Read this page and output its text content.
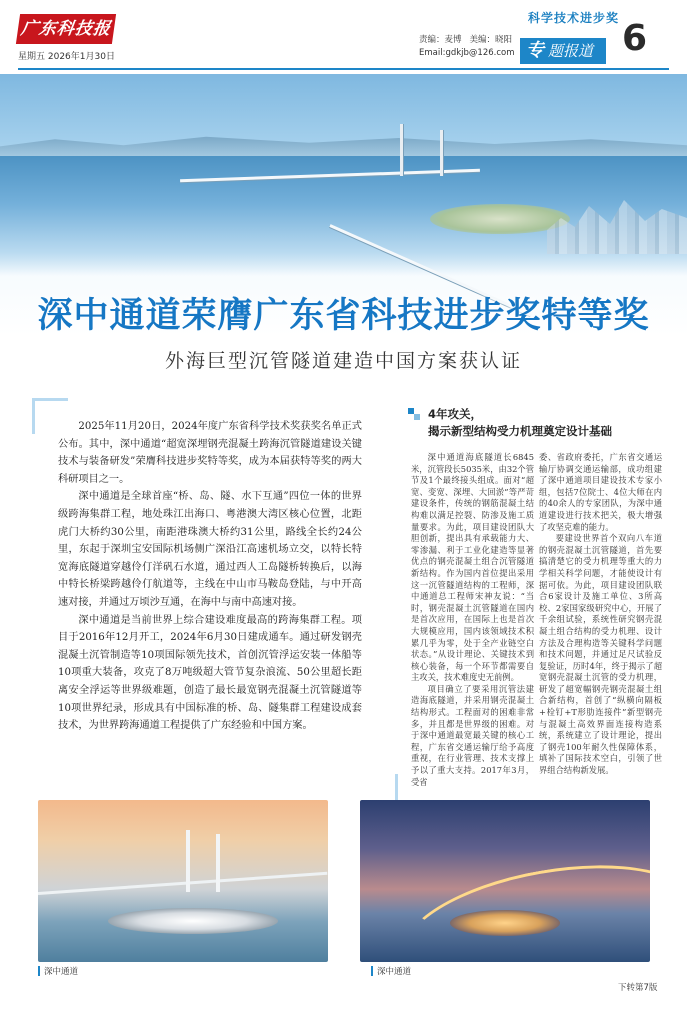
广东科技报
星期五 2026年1月30日
责编：麦博 美编：晓阳
Email:gdkjb@126.com
科学技术进步奖
专 题报道 6
深中通道荣膺广东省科技进步奖特等奖
外海巨型沉管隧道建造中国方案获认证

2025年11月20日，2024年度广东省科学技术奖获奖名单正式公布。其中，深中通道“超宽深埋钢壳混凝土跨海沉管隧道建设关键技术与装备研发”荣膺科技进步奖特等奖，成为本届获特等奖的两大科研项目之一。

深中通道是全球首座“桥、岛、隧、水下互通”四位一体的世界级跨海集群工程，地处珠江出海口、粤港澳大湾区核心位置，北距虎门大桥约30公里，南距港珠澳大桥约31公里，路线全长约24公里，东起于深圳宝安国际机场侧广深沿江高速机场立交，以特长特宽海底隧道穿越伶仃洋矾石水道，通过西人工岛隧桥转换后，以海中特长桥梁跨越伶仃航道等，主线在中山市马鞍岛登陆，与中开高速对接，并通过万顷沙互通，在海中与南中高速对接。

深中通道是当前世界上综合建设难度最高的跨海集群工程。项目于2016年12月开工，2024年6月30日建成通车。通过研发钢壳混凝土沉管制造等10项国际领先技术，首创沉管浮运安装一体船等10项重大装备，攻克了8万吨级超大管节复杂浪流、50公里超长距离安全浮运等世界级难题，创造了最长最宽钢壳混凝土沉管隧道等10项世界纪录，形成具有中国标准的桥、岛、隧集群工程建设成套技术，为世界跨海通道工程提供了广东经验和中国方案。

4年攻关，
揭示新型结构受力机理奠定设计基础

深中通道海底隧道长6845米，沉管段长5035米，由32个管节及1个最终接头组成。面对“超宽、变宽、深埋、大回淤”等严苛建设条件，传统的钢筋混凝土结构难以满足控裂、防渗及施工质量要求。为此，项目建设团队大胆创新，提出具有承载能力大、零渗漏、利于工业化建造等显著优点的钢壳混凝土组合沉管隧道新结构。作为国内首位提出采用这一沉管隧道结构的工程师，深中通道总工程师宋神友说：“当时，钢壳混凝土沉管隧道在国内是首次应用，在国际上也是首次大规模应用，国内该领域技术积累几乎为零，处于全产业链空白状态。”从设计理论、关键技术到核心装备，每一个环节都需要自主攻关，技术难度史无前例。

项目确立了要采用沉管法建造海底隧道，并采用钢壳混凝土结构形式。工程面对的困难非常多，并且都是世界级的困难。对于深中通道最宽最关键的核心工程，广东省交通运输厅给予高度重视，在行业管理、技术支撑上予以了重大支持。2017年3月，受省

委、省政府委托，广东省交通运输厅协调交通运输部，成功组建了深中通道项目建设技术专家小组，包括7位院士、4位大师在内的40余人的专家团队，为深中通道建设进行技术把关，极大增强了攻坚克难的能力。

要建设世界首个双向八车道的钢壳混凝土沉管隧道，首先要搞清楚它的受力机理等重大的力学相关科学问题，才能使设计有据可依。为此，项目建设团队联合6家设计及施工单位、3所高校、2家国家级研究中心，开展了千余组试验，系统性研究钢壳混凝土组合结构的受力机理、设计方法及合理构造等关键科学问题和技术问题，并通过足尺试验反复验证，历时4年，终于揭示了超宽钢壳混凝土沉管的受力机理，研发了超宽幅钢壳钢壳混凝土组合新结构，首创了“纵横向隔板+栓钉+T形肋连接件”新型钢壳与混凝土高效界面连接构造系统，系统建立了设计理论，提出了钢壳100年耐久性保障体系，填补了国际技术空白，引领了世界组合结构新发展。

深中通道	深中通道
下转第7版
